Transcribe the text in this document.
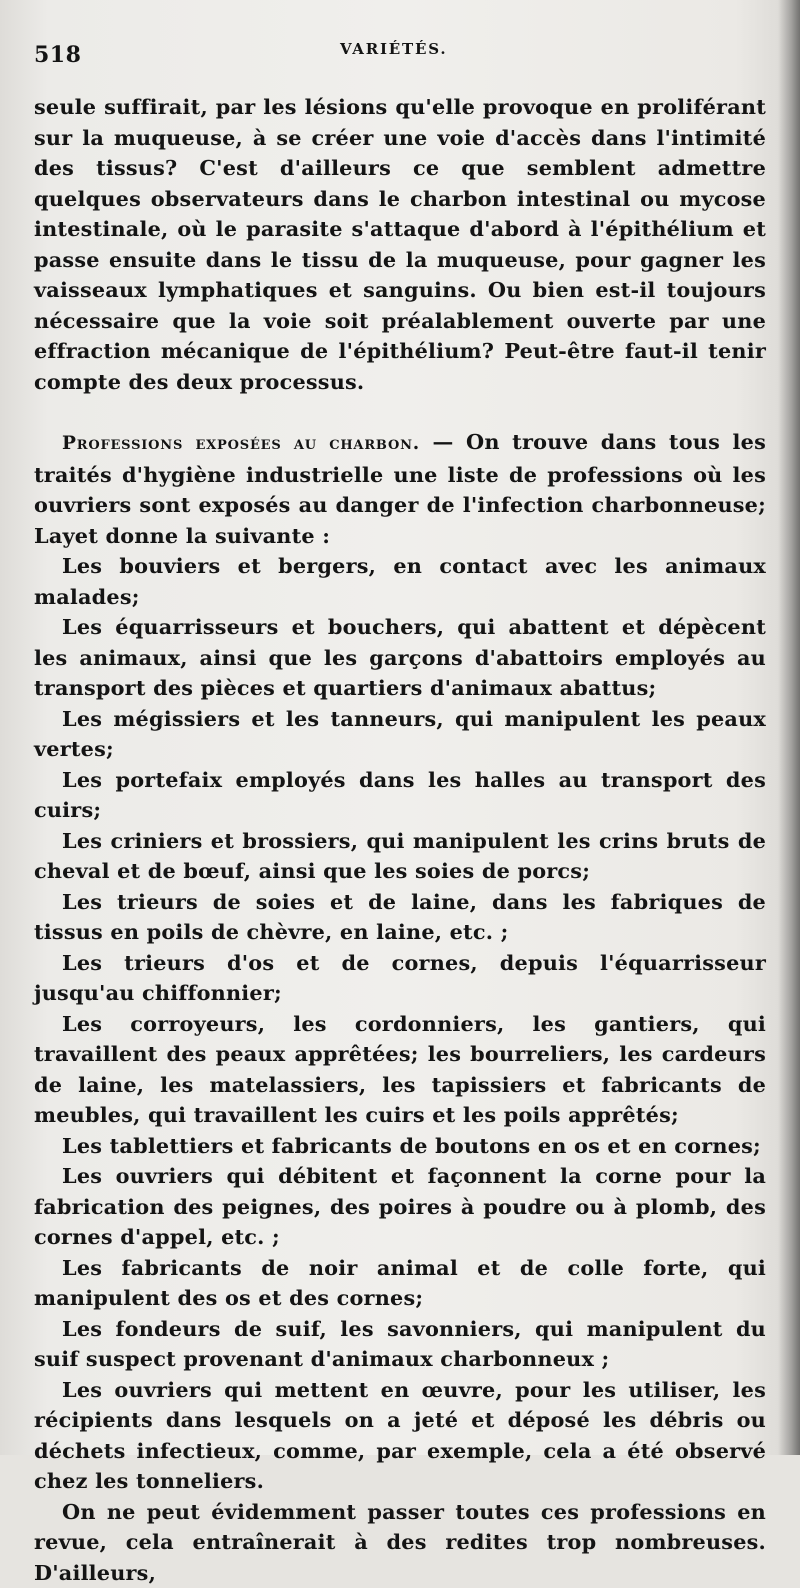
518	VARIÉTÉS.

seule suffirait, par les lésions qu'elle provoque en proliférant sur la muqueuse, à se créer une voie d'accès dans l'intimité des tissus? C'est d'ailleurs ce que semblent admettre quelques observateurs dans le charbon intestinal ou mycose intestinale, où le parasite s'attaque d'abord à l'épithélium et passe ensuite dans le tissu de la muqueuse, pour gagner les vaisseaux lymphatiques et sanguins. Ou bien est-il toujours nécessaire que la voie soit préalablement ouverte par une effraction mécanique de l'épithélium? Peut-être faut-il tenir compte des deux processus.

Professions exposées au charbon. — On trouve dans tous les traités d'hygiène industrielle une liste de professions où les ouvriers sont exposés au danger de l'infection charbonneuse; Layet donne la suivante :

Les bouviers et bergers, en contact avec les animaux malades;

Les équarrisseurs et bouchers, qui abattent et dépècent les animaux, ainsi que les garçons d'abattoirs employés au transport des pièces et quartiers d'animaux abattus;

Les mégissiers et les tanneurs, qui manipulent les peaux vertes;

Les portefaix employés dans les halles au transport des cuirs;

Les criniers et brossiers, qui manipulent les crins bruts de cheval et de bœuf, ainsi que les soies de porcs;

Les trieurs de soies et de laine, dans les fabriques de tissus en poils de chèvre, en laine, etc. ;

Les trieurs d'os et de cornes, depuis l'équarrisseur jusqu'au chiffonnier;

Les corroyeurs, les cordonniers, les gantiers, qui travaillent des peaux apprêtées; les bourreliers, les cardeurs de laine, les matelassiers, les tapissiers et fabricants de meubles, qui travaillent les cuirs et les poils apprêtés;

Les tablettiers et fabricants de boutons en os et en cornes;

Les ouvriers qui débitent et façonnent la corne pour la fabrication des peignes, des poires à poudre ou à plomb, des cornes d'appel, etc. ;

Les fabricants de noir animal et de colle forte, qui manipulent des os et des cornes;

Les fondeurs de suif, les savonniers, qui manipulent du suif suspect provenant d'animaux charbonneux ;

Les ouvriers qui mettent en œuvre, pour les utiliser, les récipients dans lesquels on a jeté et déposé les débris ou déchets infectieux, comme, par exemple, cela a été observé chez les tonneliers.

On ne peut évidemment passer toutes ces professions en revue, cela entraînerait à des redites trop nombreuses. D'ailleurs,
